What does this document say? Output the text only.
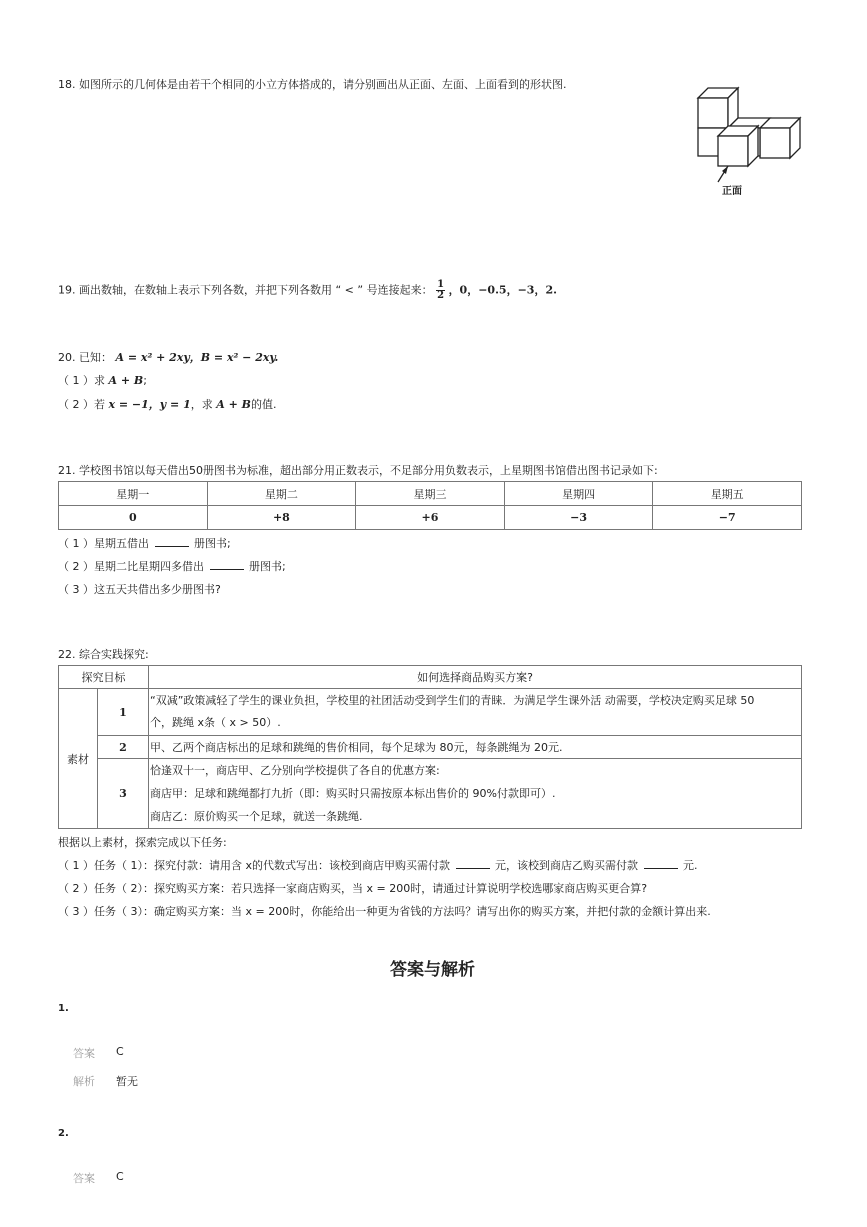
18. 如图所示的几何体是由若干个相同的小立方体搭成的，请分别画出从正面、左面、上面看到的形状图.
正面
19. 画出数轴，在数轴上表示下列各数，并把下列各数用 “ < ” 号连接起来： $\frac{1}{2}$ ，0，−0.5，−3，2.
20. 已知： A = x² + 2xy，B = x² − 2xy.
（ 1 ）求 A + B;
（ 2 ）若 x = −1，y = 1，求 A + B的值.
21. 学校图书馆以每天借出50册图书为标准，超出部分用正数表示，不足部分用负数表示，上星期图书馆借出图书记录如下:
星期一	星期二	星期三	星期四	星期五
0	+8	+6	−3	−7
（ 1 ）星期五借出	册图书;
（ 2 ）星期二比星期四多借出	册图书;
（ 3 ）这五天共借出多少册图书?
22. 综合实践探究:
探究目标		如何选择商品购买方案?
素材	1	“双减”政策减轻了学生的课业负担，学校里的社团活动受到学生们的青睐．为满足学生课外活 动需要，学校决定购买足球 50
个，跳绳 x条（ x > 50）.

	2	甲、乙两个商店标出的足球和跳绳的售价相同，每个足球为 80元，每条跳绳为 20元.
	3	恰逢双十一，商店甲、乙分别向学校提供了各自的优惠方案:
商店甲：足球和跳绳都打九折（即：购买时只需按原本标出售价的 90%付款即可）.
商店乙：原价购买一个足球，就送一条跳绳.
根据以上素材，探索完成以下任务:
（ 1 ）任务（ 1）：探究付款：请用含 x的代数式写出：该校到商店甲购买需付款	元，该校到商店乙购买需付款	元.
（ 2 ）任务（ 2）：探究购买方案：若只选择一家商店购买，当 x = 200时，请通过计算说明学校选哪家商店购买更合算?
（ 3 ）任务（ 3）：确定购买方案：当 x = 200时，你能给出一种更为省钱的方法吗？请写出你的购买方案，并把付款的金额计算出来.
答案与解析
1.
答案 C
解析 暂无
2.
答案 C
